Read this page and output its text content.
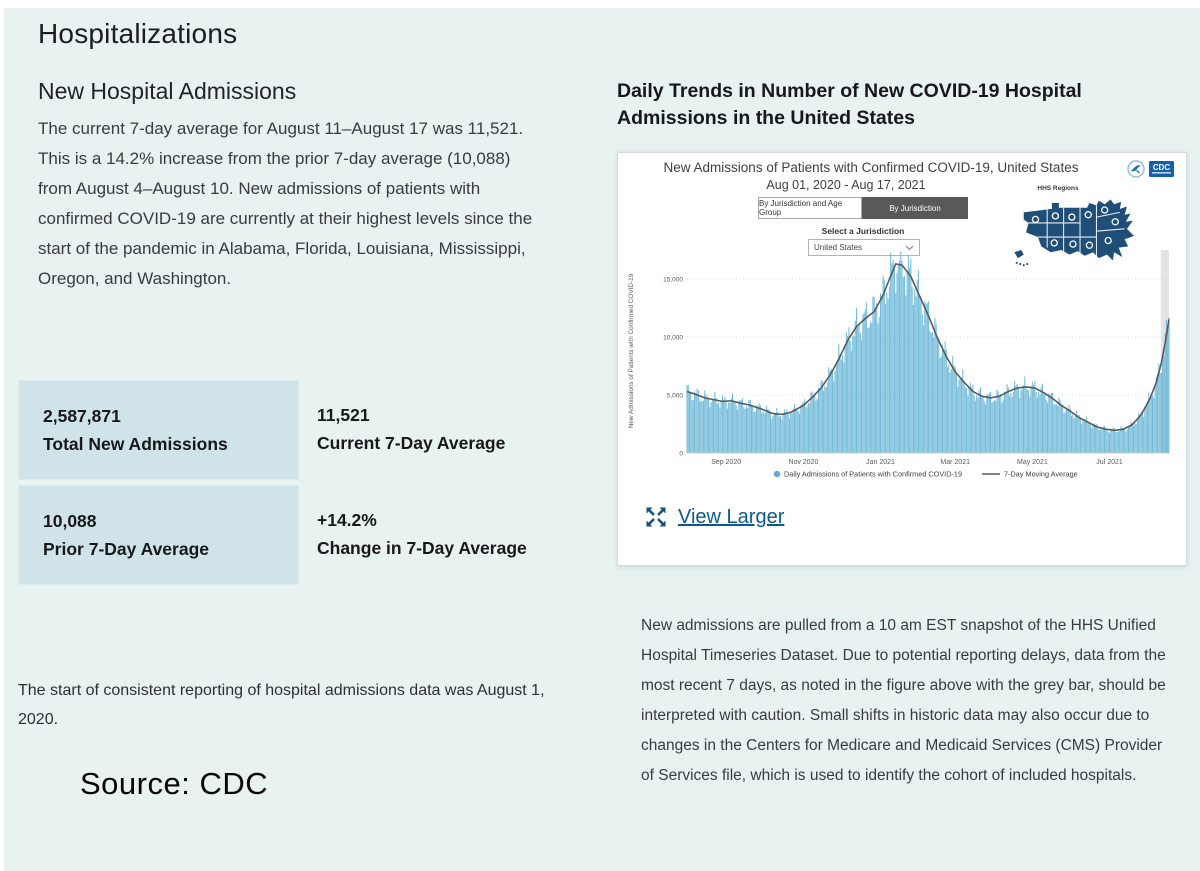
Hospitalizations
New Hospital Admissions
The current 7-day average for August 11–August 17 was 11,521. This is a 14.2% increase from the prior 7-day average (10,088) from August 4–August 10. New admissions of patients with confirmed COVID-19 are currently at their highest levels since the start of the pandemic in Alabama, Florida, Louisiana, Mississippi, Oregon, and Washington.
2,587,871
Total New Admissions
11,521
Current 7-Day Average
10,088
Prior 7-Day Average
+14.2%
Change in 7-Day Average
The start of consistent reporting of hospital admissions data was August 1, 2020.
Source: CDC
Daily Trends in Number of New COVID-19 Hospital Admissions in the United States
New Admissions of Patients with Confirmed COVID-19, United States
Aug 01, 2020 - Aug 17, 2021
CDC
By Jurisdiction and Age Group	By Jurisdiction
Select a Jurisdiction
United States
HHS Regions
0
5,000
10,000
15,000
New Admissions of Patients with Confirmed COVID-19
Sep 2020	Nov 2020	Jan 2021	Mar 2021	May 2021	Jul 2021
Daily Admissions of Patients with Confirmed COVID-19	7-Day Moving Average
View Larger
New admissions are pulled from a 10 am EST snapshot of the HHS Unified Hospital Timeseries Dataset. Due to potential reporting delays, data from the most recent 7 days, as noted in the figure above with the grey bar, should be interpreted with caution. Small shifts in historic data may also occur due to changes in the Centers for Medicare and Medicaid Services (CMS) Provider of Services file, which is used to identify the cohort of included hospitals.
